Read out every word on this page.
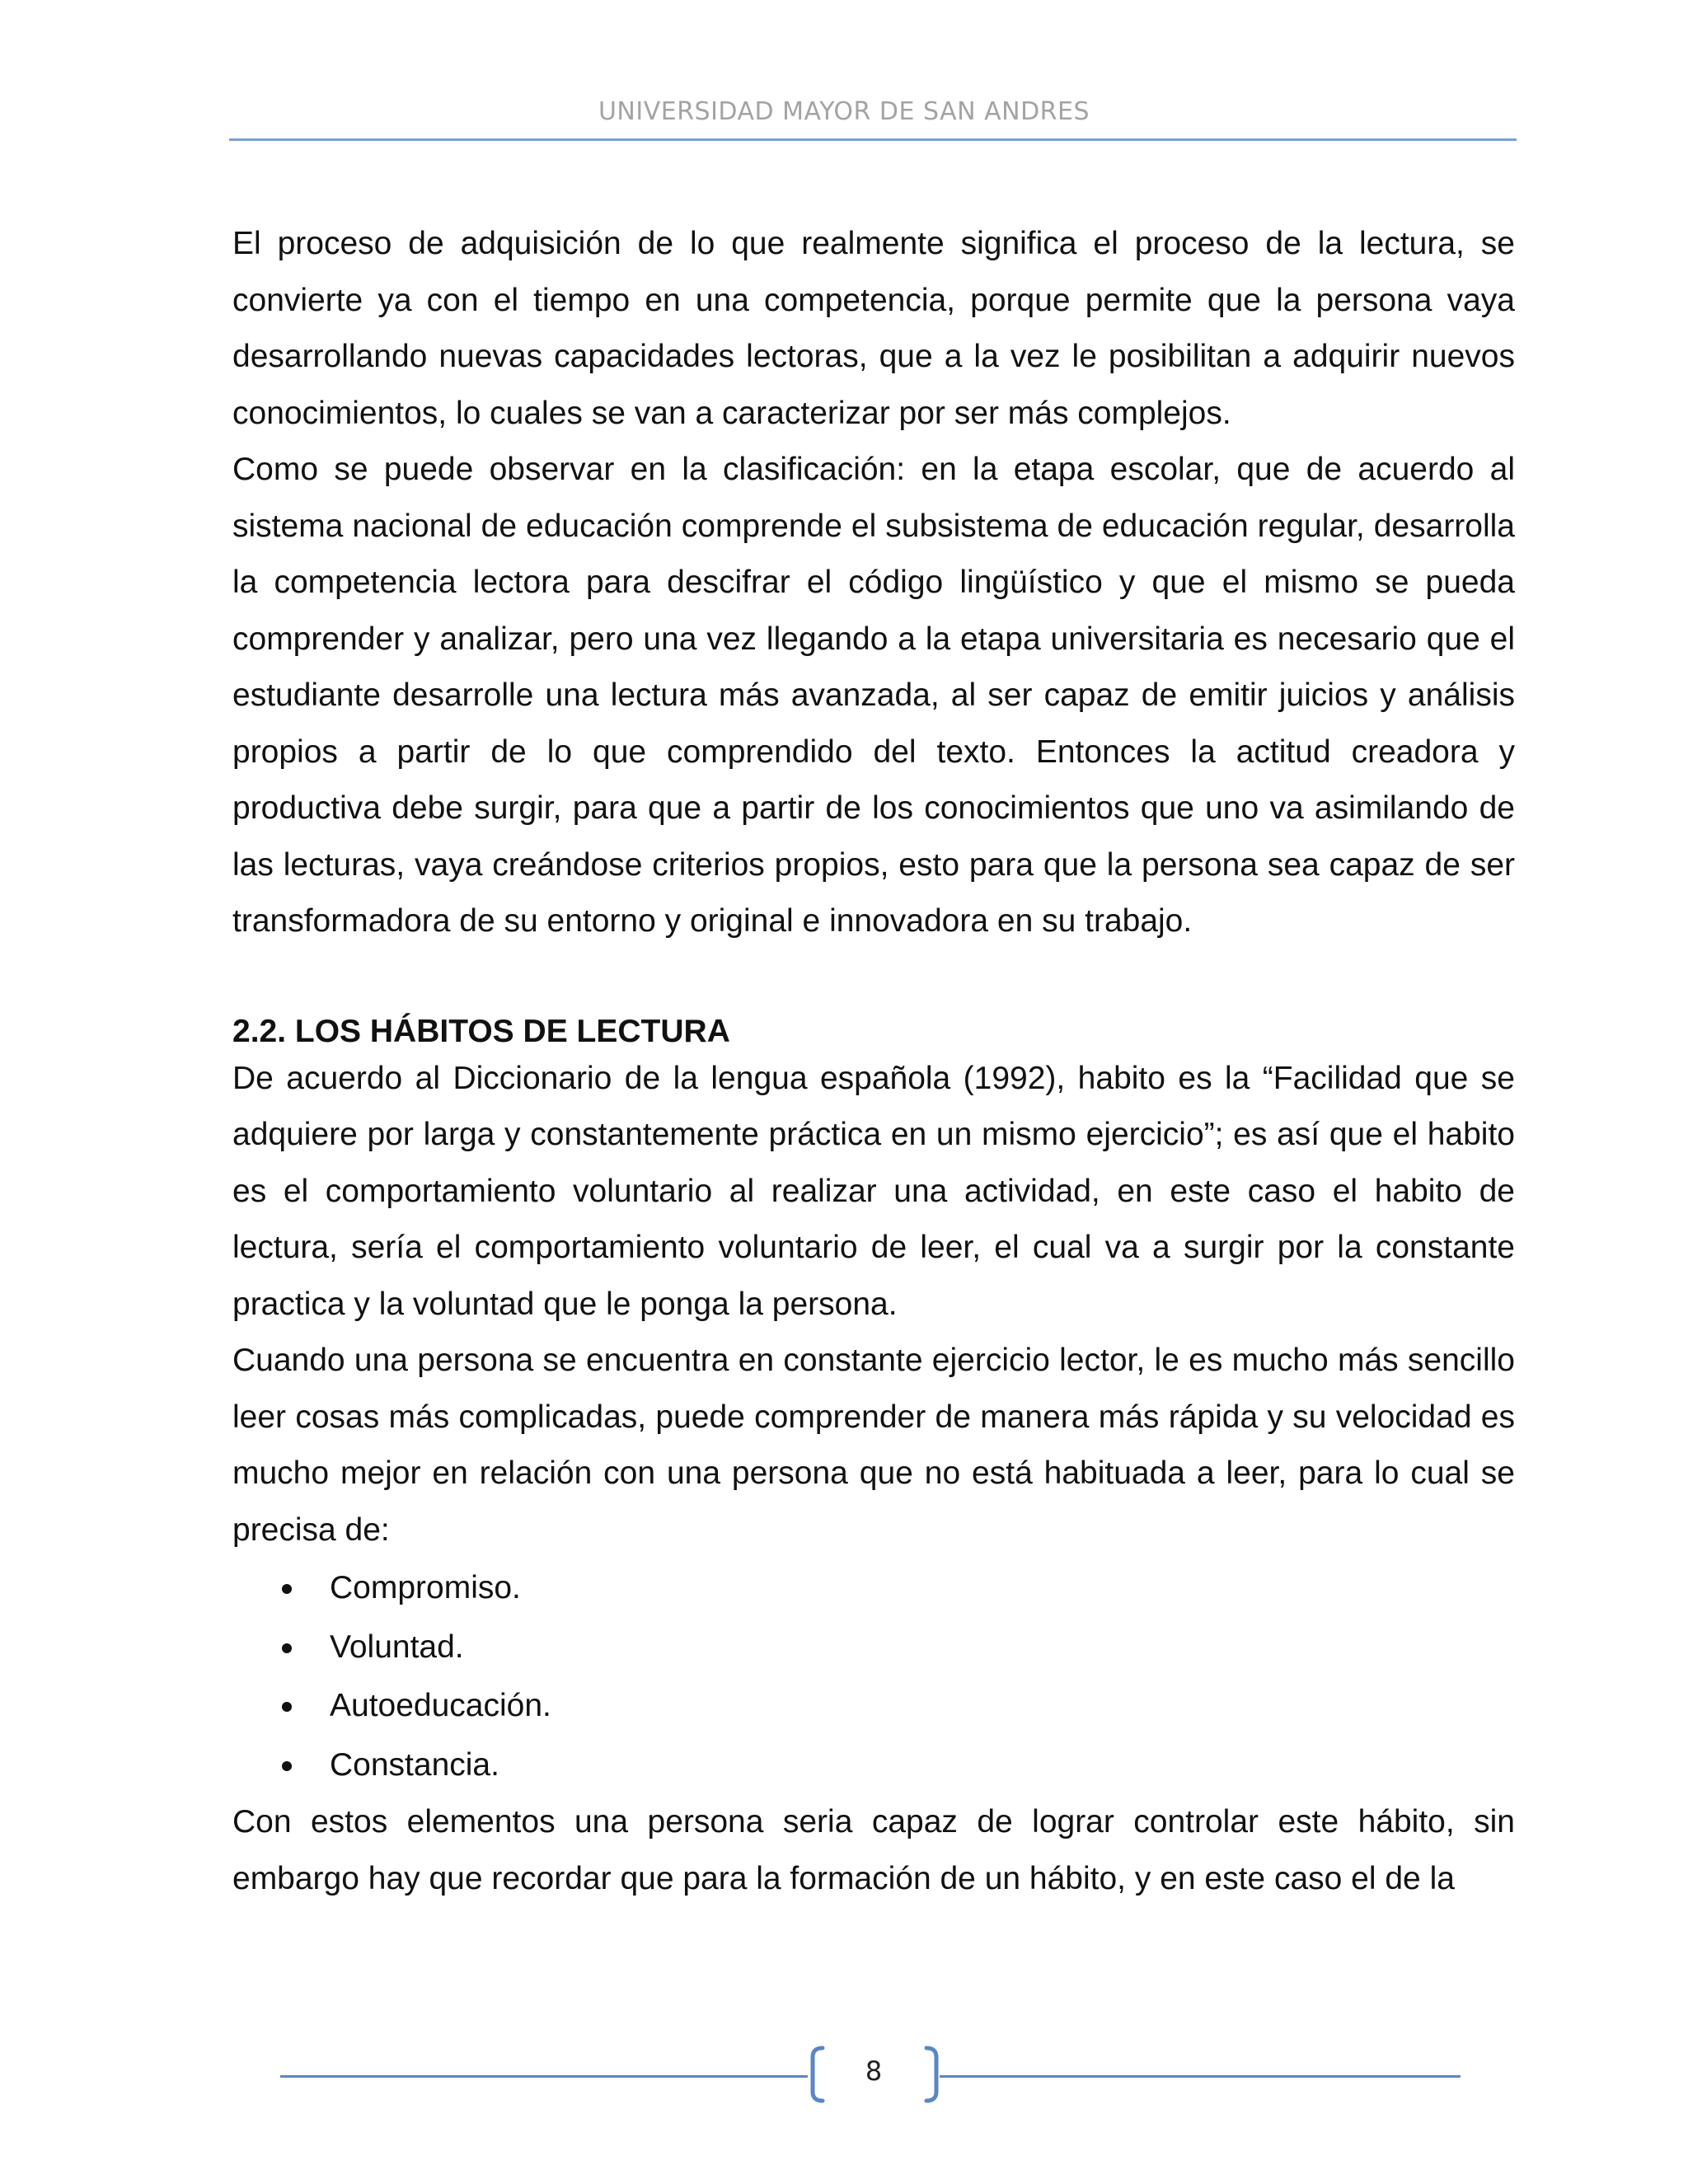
UNIVERSIDAD MAYOR DE SAN ANDRES

El proceso de adquisición de lo que realmente significa el proceso de la lectura, se convierte ya con el tiempo en una competencia, porque permite que la persona vaya desarrollando nuevas capacidades lectoras, que a la vez le posibilitan a adquirir nuevos conocimientos, lo cuales se van a caracterizar por ser más complejos.

Como se puede observar en la clasificación: en la etapa escolar, que de acuerdo al sistema nacional de educación comprende el subsistema de educación regular, desarrolla la competencia lectora para descifrar el código lingüístico y que el mismo se pueda comprender y analizar, pero una vez llegando a la etapa universitaria es necesario que el estudiante desarrolle una lectura más avanzada, al ser capaz de emitir juicios y análisis propios a partir de lo que comprendido del texto. Entonces la actitud creadora y productiva debe surgir, para que a partir de los conocimientos que uno va asimilando de las lecturas, vaya creándose criterios propios, esto para que la persona sea capaz de ser transformadora de su entorno y original e innovadora en su trabajo.

2.2. LOS HÁBITOS DE LECTURA

De acuerdo al Diccionario de la lengua española (1992), habito es la “Facilidad que se adquiere por larga y constantemente práctica en un mismo ejercicio”; es así que el habito es el comportamiento voluntario al realizar una actividad, en este caso el habito de lectura, sería el comportamiento voluntario de leer, el cual va a surgir por la constante practica y la voluntad que le ponga la persona.

Cuando una persona se encuentra en constante ejercicio lector, le es mucho más sencillo leer cosas más complicadas, puede comprender de manera más rápida y su velocidad es mucho mejor en relación con una persona que no está habituada a leer, para lo cual se precisa de:

Compromiso.
Voluntad.
Autoeducación.
Constancia.

Con estos elementos una persona seria capaz de lograr controlar este hábito, sin embargo hay que recordar que para la formación de un hábito, y en este caso el de la

8
